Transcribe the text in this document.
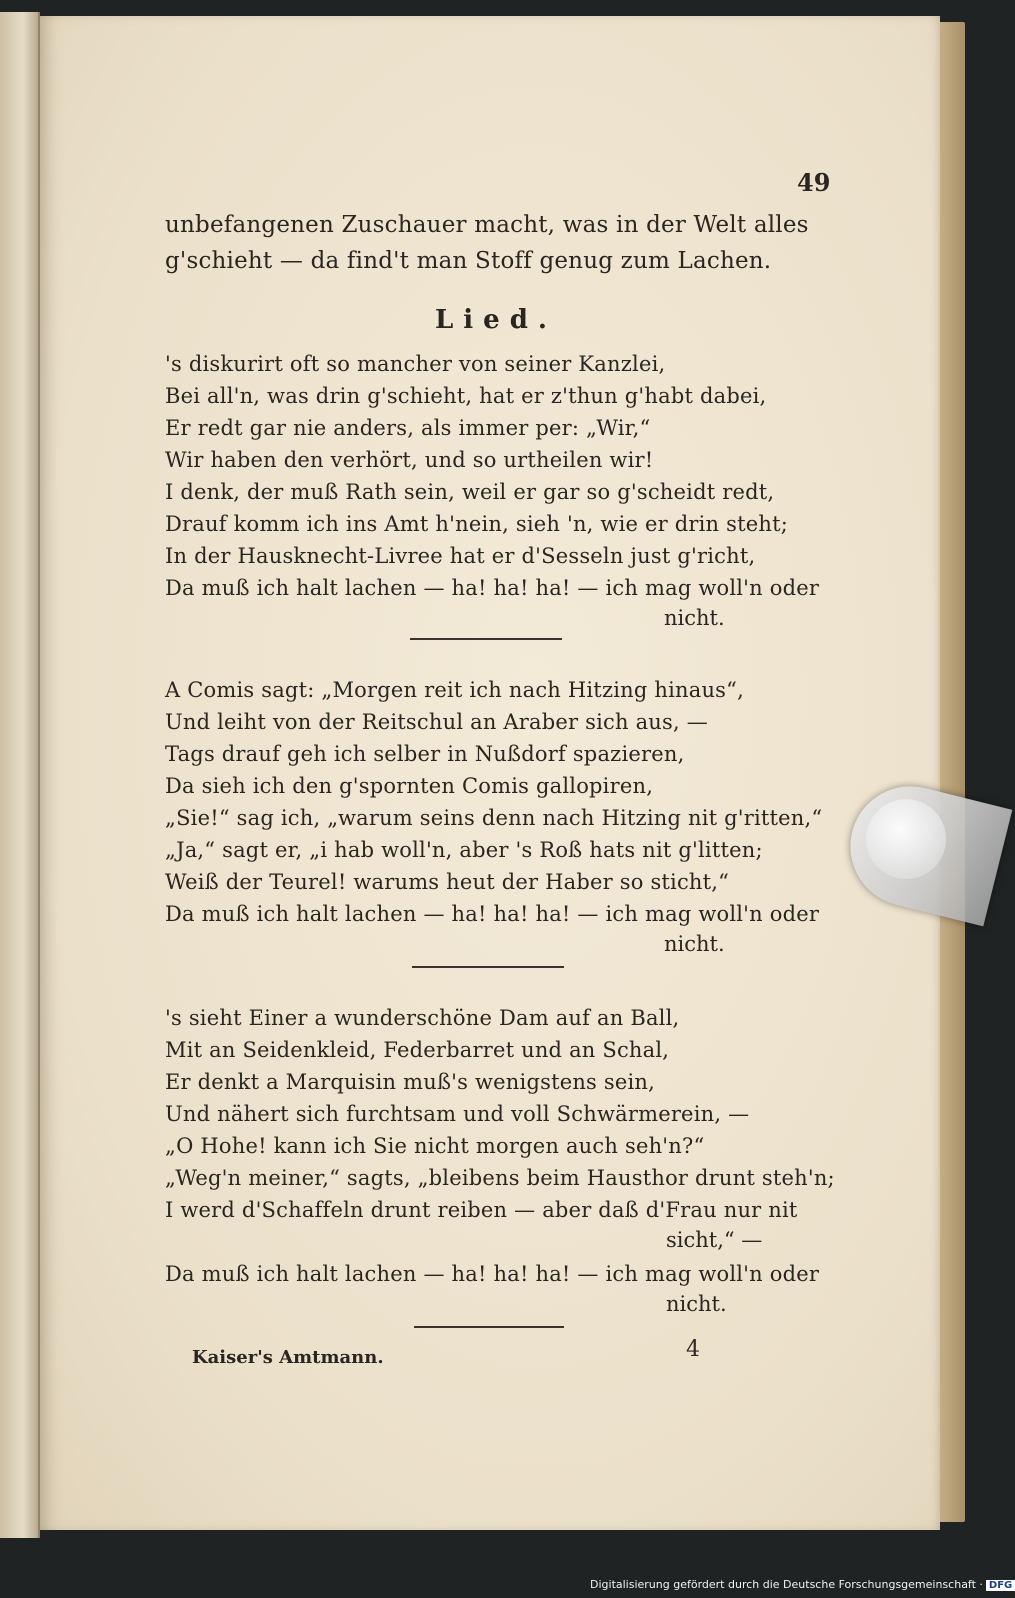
49
unbefangenen Zuschauer macht, was in der Welt alles
g'schieht — da find't man Stoff genug zum Lachen.
Lied.
's diskurirt oft so mancher von seiner Kanzlei,
Bei all'n, was drin g'schieht, hat er z'thun g'habt dabei,
Er redt gar nie anders, als immer per: „Wir,“
Wir haben den verhört, und so urtheilen wir!
I denk, der muß Rath sein, weil er gar so g'scheidt redt,
Drauf komm ich ins Amt h'nein, sieh 'n, wie er drin steht;
In der Hausknecht-Livree hat er d'Sesseln just g'richt,
Da muß ich halt lachen — ha! ha! ha! — ich mag woll'n oder
nicht.
A Comis sagt: „Morgen reit ich nach Hitzing hinaus“,
Und leiht von der Reitschul an Araber sich aus, —
Tags drauf geh ich selber in Nußdorf spazieren,
Da sieh ich den g'spornten Comis gallopiren,
„Sie!“ sag ich, „warum seins denn nach Hitzing nit g'ritten,“
„Ja,“ sagt er, „i hab woll'n, aber 's Roß hats nit g'litten;
Weiß der Teurel! warums heut der Haber so sticht,“
Da muß ich halt lachen — ha! ha! ha! — ich mag woll'n oder
nicht.
's sieht Einer a wunderschöne Dam auf an Ball,
Mit an Seidenkleid, Federbarret und an Schal,
Er denkt a Marquisin muß's wenigstens sein,
Und nähert sich furchtsam und voll Schwärmerein, —
„O Hohe! kann ich Sie nicht morgen auch seh'n?“
„Weg'n meiner,“ sagts, „bleibens beim Hausthor drunt steh'n;
I werd d'Schaffeln drunt reiben — aber daß d'Frau nur nit
sicht,“ —
Da muß ich halt lachen — ha! ha! ha! — ich mag woll'n oder
nicht.
Kaiser's Amtmann.	4
Digitalisierung gefördert durch die Deutsche Forschungsgemeinschaft · DFG
